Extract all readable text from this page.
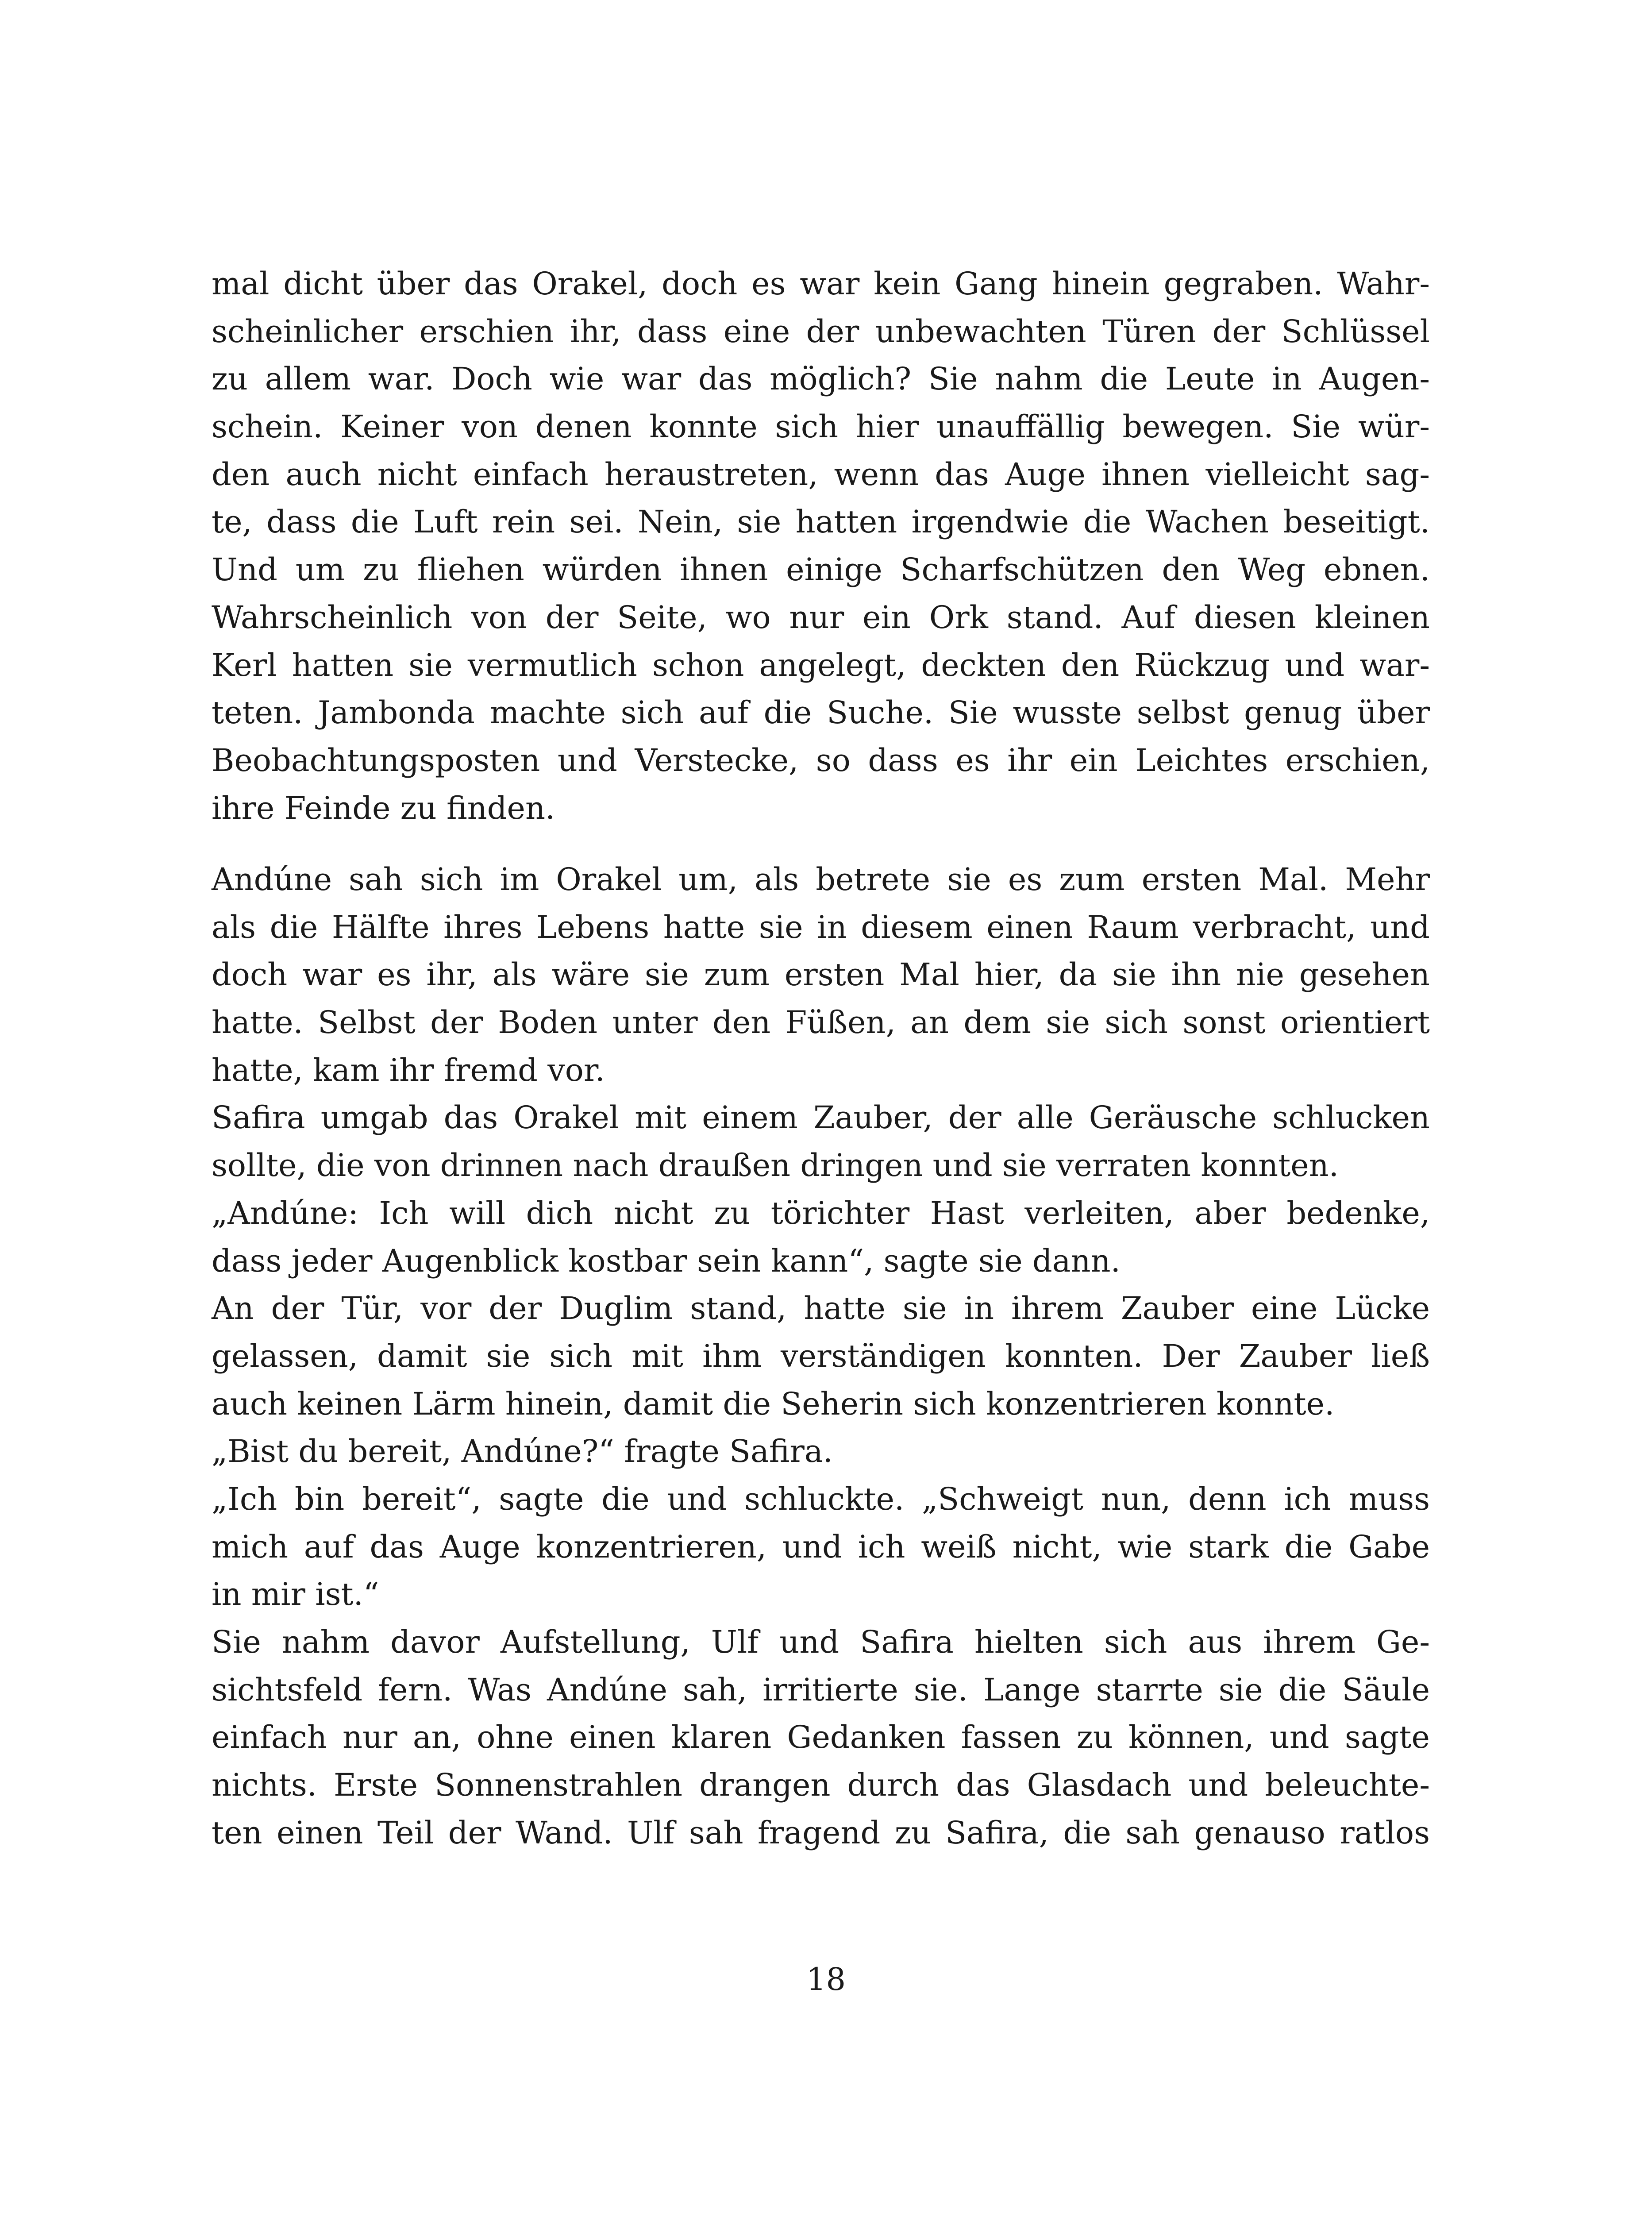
mal dicht über das Orakel, doch es war kein Gang hinein gegraben. Wahr-
scheinlicher erschien ihr, dass eine der unbewachten Türen der Schlüssel
zu allem war. Doch wie war das möglich? Sie nahm die Leute in Augen-
schein. Keiner von denen konnte sich hier unauffällig bewegen. Sie wür-
den auch nicht einfach heraustreten, wenn das Auge ihnen vielleicht sag-
te, dass die Luft rein sei. Nein, sie hatten irgendwie die Wachen beseitigt.
Und um zu fliehen würden ihnen einige Scharfschützen den Weg ebnen.
Wahrscheinlich von der Seite, wo nur ein Ork stand. Auf diesen kleinen
Kerl hatten sie vermutlich schon angelegt, deckten den Rückzug und war-
teten. Jambonda machte sich auf die Suche. Sie wusste selbst genug über
Beobachtungsposten und Verstecke, so dass es ihr ein Leichtes erschien,
ihre Feinde zu finden.
Andúne sah sich im Orakel um, als betrete sie es zum ersten Mal. Mehr
als die Hälfte ihres Lebens hatte sie in diesem einen Raum verbracht, und
doch war es ihr, als wäre sie zum ersten Mal hier, da sie ihn nie gesehen
hatte. Selbst der Boden unter den Füßen, an dem sie sich sonst orientiert
hatte, kam ihr fremd vor.
Safira umgab das Orakel mit einem Zauber, der alle Geräusche schlucken
sollte, die von drinnen nach draußen dringen und sie verraten konnten.
„Andúne: Ich will dich nicht zu törichter Hast verleiten, aber bedenke,
dass jeder Augenblick kostbar sein kann“, sagte sie dann.
An der Tür, vor der Duglim stand, hatte sie in ihrem Zauber eine Lücke
gelassen, damit sie sich mit ihm verständigen konnten. Der Zauber ließ
auch keinen Lärm hinein, damit die Seherin sich konzentrieren konnte.
„Bist du bereit, Andúne?“ fragte Safira.
„Ich bin bereit“, sagte die und schluckte. „Schweigt nun, denn ich muss
mich auf das Auge konzentrieren, und ich weiß nicht, wie stark die Gabe
in mir ist.“
Sie nahm davor Aufstellung, Ulf und Safira hielten sich aus ihrem Ge-
sichtsfeld fern. Was Andúne sah, irritierte sie. Lange starrte sie die Säule
einfach nur an, ohne einen klaren Gedanken fassen zu können, und sagte
nichts. Erste Sonnenstrahlen drangen durch das Glasdach und beleuchte-
ten einen Teil der Wand. Ulf sah fragend zu Safira, die sah genauso ratlos
18
